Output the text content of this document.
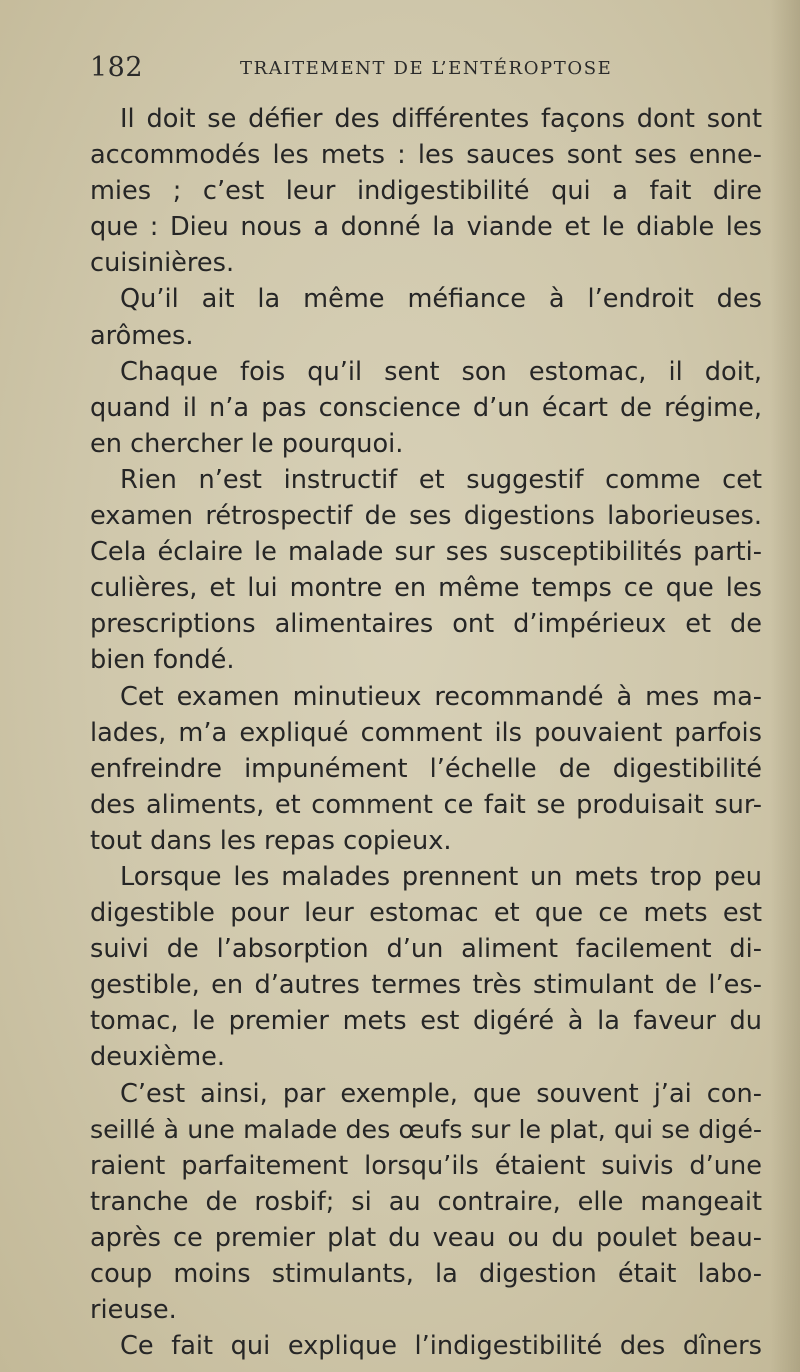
182	TRAITEMENT DE L’ENTÉROPTOSE
Il doit se défier des différentes façons dont sont
accommodés les mets : les sauces sont ses enne-
mies ; c’est leur indigestibilité qui a fait dire
que : Dieu nous a donné la viande et le diable les
cuisinières.
Qu’il ait la même méfiance à l’endroit des
arômes.
Chaque fois qu’il sent son estomac, il doit,
quand il n’a pas conscience d’un écart de régime,
en chercher le pourquoi.
Rien n’est instructif et suggestif comme cet
examen rétrospectif de ses digestions laborieuses.
Cela éclaire le malade sur ses susceptibilités parti-
culières, et lui montre en même temps ce que les
prescriptions alimentaires ont d’impérieux et de
bien fondé.
Cet examen minutieux recommandé à mes ma-
lades, m’a expliqué comment ils pouvaient parfois
enfreindre impunément l’échelle de digestibilité
des aliments, et comment ce fait se produisait sur-
tout dans les repas copieux.
Lorsque les malades prennent un mets trop peu
digestible pour leur estomac et que ce mets est
suivi de l’absorption d’un aliment facilement di-
gestible, en d’autres termes très stimulant de l’es-
tomac, le premier mets est digéré à la faveur du
deuxième.
C’est ainsi, par exemple, que souvent j’ai con-
seillé à une malade des œufs sur le plat, qui se digé-
raient parfaitement lorsqu’ils étaient suivis d’une
tranche de rosbif; si au contraire, elle mangeait
après ce premier plat du veau ou du poulet beau-
coup moins stimulants, la digestion était labo-
rieuse.
Ce fait qui explique l’indigestibilité des dîners
